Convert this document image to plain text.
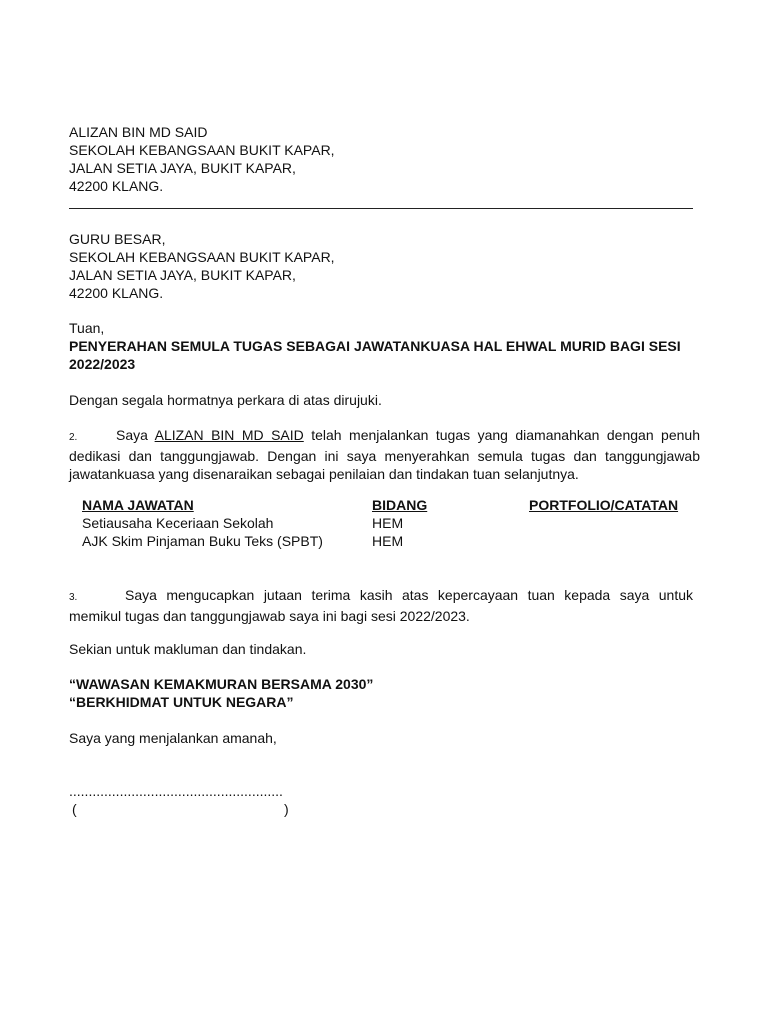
ALIZAN BIN MD SAID
SEKOLAH KEBANGSAAN BUKIT KAPAR,
JALAN SETIA JAYA, BUKIT KAPAR,
42200 KLANG.
GURU BESAR,
SEKOLAH KEBANGSAAN BUKIT KAPAR,
JALAN SETIA JAYA, BUKIT KAPAR,
42200 KLANG.
Tuan,
PENYERAHAN SEMULA TUGAS SEBAGAI JAWATANKUASA HAL EHWAL MURID BAGI SESI 2022/2023
Dengan segala hormatnya perkara di atas dirujuki.
2.	Saya ALIZAN BIN MD SAID telah menjalankan tugas yang diamanahkan dengan penuh dedikasi dan tanggungjawab. Dengan ini saya menyerahkan semula tugas dan tanggungjawab jawatankuasa yang disenaraikan sebagai penilaian dan tindakan tuan selanjutnya.
NAMA JAWATAN	BIDANG	PORTFOLIO/CATATAN
Setiausaha Keceriaan Sekolah	HEM	
AJK Skim Pinjaman Buku Teks (SPBT)	HEM	
3.	Saya mengucapkan jutaan terima kasih atas kepercayaan tuan kepada saya untuk memikul tugas dan tanggungjawab saya ini bagi sesi 2022/2023.
Sekian untuk makluman dan tindakan.
“WAWASAN KEMAKMURAN BERSAMA 2030”
“BERKHIDMAT UNTUK NEGARA”
Saya yang menjalankan amanah,
.......................................................
(	)
